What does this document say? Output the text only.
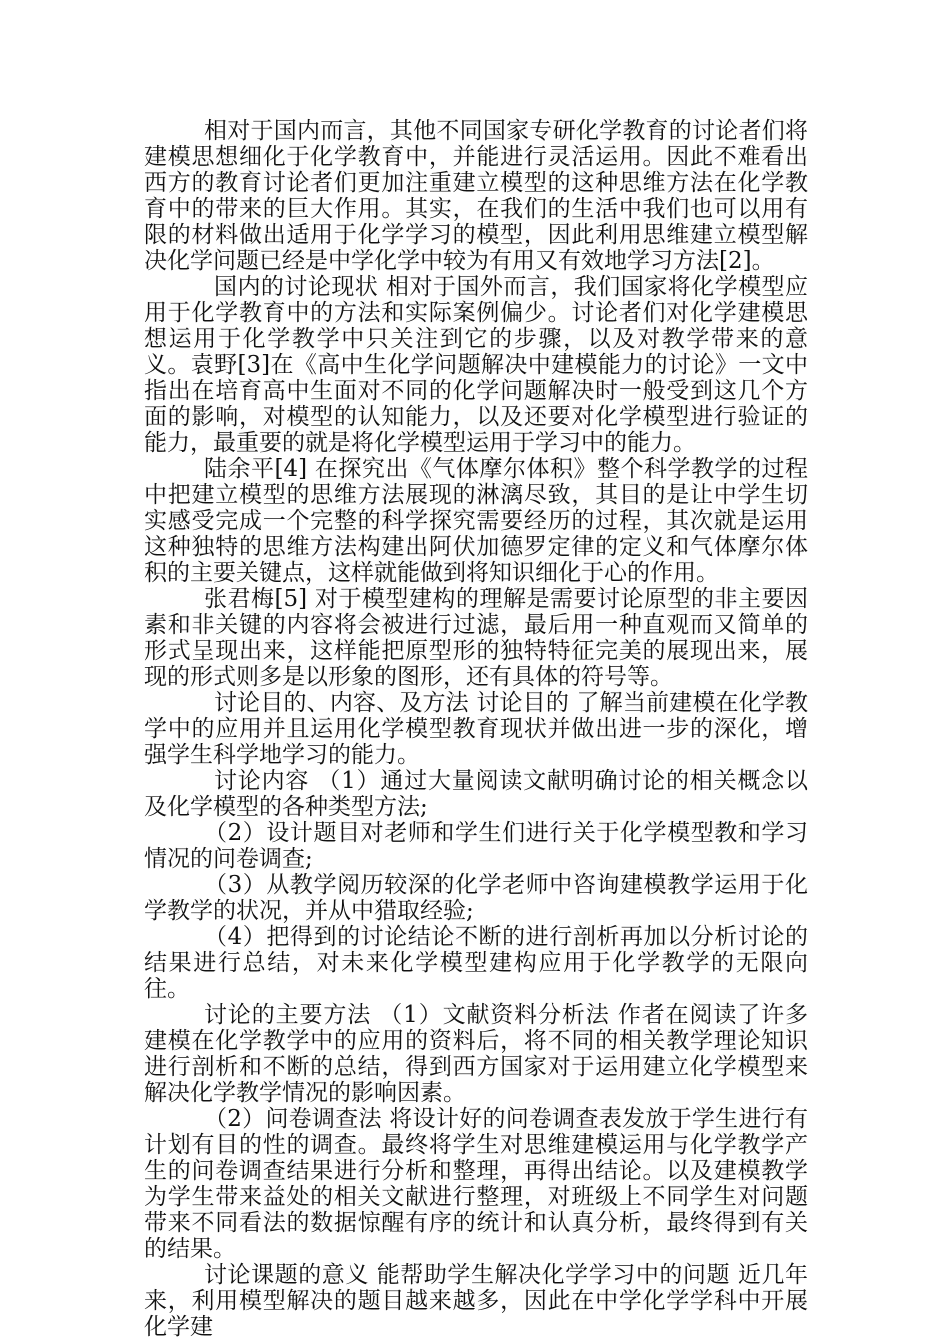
相对于国内而言，其他不同国家专研化学教育的讨论者们将建模思想细化于化学教育中，并能进行灵活运用。因此不难看出西方的教育讨论者们更加注重建立模型的这种思维方法在化学教育中的带来的巨大作用。其实，在我们的生活中我们也可以用有限的材料做出适用于化学学习的模型，因此利用思维建立模型解决化学问题已经是中学化学中较为有用又有效地学习方法[2]。

国内的讨论现状 相对于国外而言，我们国家将化学模型应用于化学教育中的方法和实际案例偏少。讨论者们对化学建模思想运用于化学教学中只关注到它的步骤，以及对教学带来的意义。袁野[3]在《高中生化学问题解决中建模能力的讨论》一文中指出在培育高中生面对不同的化学问题解决时一般受到这几个方面的影响，对模型的认知能力，以及还要对化学模型进行验证的能力，最重要的就是将化学模型运用于学习中的能力。

陆余平[4] 在探究出《气体摩尔体积》整个科学教学的过程中把建立模型的思维方法展现的淋漓尽致，其目的是让中学生切实感受完成一个完整的科学探究需要经历的过程，其次就是运用这种独特的思维方法构建出阿伏加德罗定律的定义和气体摩尔体积的主要关键点，这样就能做到将知识细化于心的作用。

张君梅[5] 对于模型建构的理解是需要讨论原型的非主要因素和非关键的内容将会被进行过滤，最后用一种直观而又简单的形式呈现出来，这样能把原型形的独特特征完美的展现出来，展现的形式则多是以形象的图形，还有具体的符号等。

讨论目的、内容、及方法 讨论目的 了解当前建模在化学教学中的应用并且运用化学模型教育现状并做出进一步的深化，增强学生科学地学习的能力。

讨论内容 （1）通过大量阅读文献明确讨论的相关概念以及化学模型的各种类型方法;

（2）设计题目对老师和学生们进行关于化学模型教和学习情况的问卷调查;

（3）从教学阅历较深的化学老师中咨询建模教学运用于化学教学的状况，并从中猎取经验;

（4）把得到的讨论结论不断的进行剖析再加以分析讨论的结果进行总结，对未来化学模型建构应用于化学教学的无限向往。

讨论的主要方法 （1）文献资料分析法 作者在阅读了许多建模在化学教学中的应用的资料后，将不同的相关教学理论知识进行剖析和不断的总结，得到西方国家对于运用建立化学模型来解决化学教学情况的影响因素。

（2）问卷调查法 将设计好的问卷调查表发放于学生进行有计划有目的性的调查。最终将学生对思维建模运用与化学教学产生的问卷调查结果进行分析和整理，再得出结论。以及建模教学为学生带来益处的相关文献进行整理，对班级上不同学生对问题带来不同看法的数据惊醒有序的统计和认真分析，最终得到有关的结果。

讨论课题的意义 能帮助学生解决化学学习中的问题 近几年来，利用模型解决的题目越来越多，因此在中学化学学科中开展化学建
